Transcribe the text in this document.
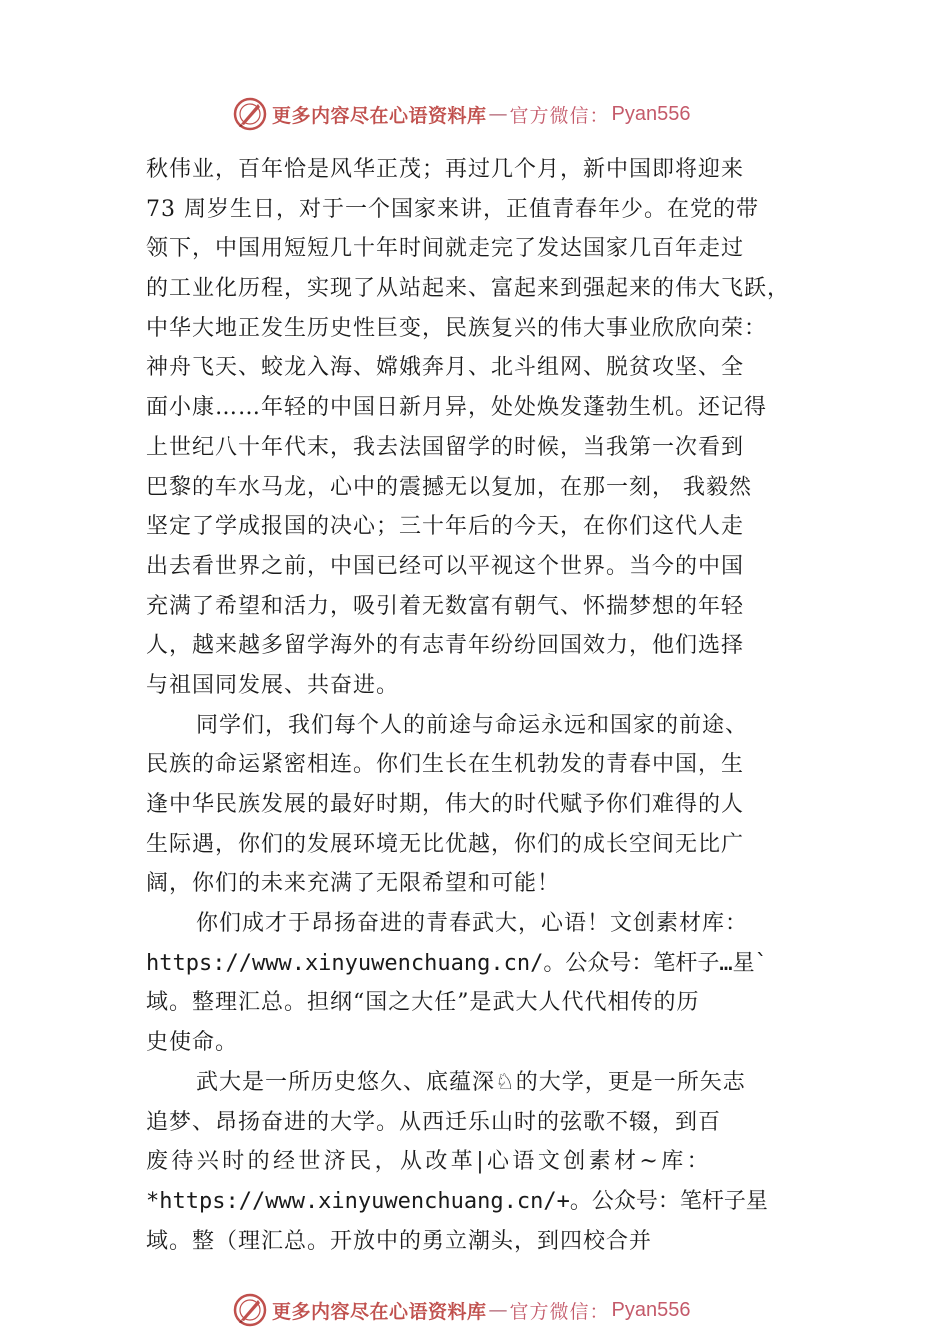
更多内容尽在心语资料库 — 官方微信： Pyan556
秋伟业，百年恰是风华正茂；再过几个月，新中国即将迎来
73 周岁生日，对于一个国家来讲，正值青春年少。在党的带
领下，中国用短短几十年时间就走完了发达国家几百年走过
的工业化历程，实现了从站起来、富起来到强起来的伟大飞跃，
中华大地正发生历史性巨变，民族复兴的伟大事业欣欣向荣：
神舟飞天、蛟龙入海、嫦娥奔月、北斗组网、脱贫攻坚、全
面小康……年轻的中国日新月异，处处焕发蓬勃生机。还记得
上世纪八十年代末，我去法国留学的时候，当我第一次看到
巴黎的车水马龙，心中的震撼无以复加，在那一刻， 我毅然
坚定了学成报国的决心；三十年后的今天，在你们这代人走
出去看世界之前，中国已经可以平视这个世界。当今的中国
充满了希望和活力，吸引着无数富有朝气、怀揣梦想的年轻
人，越来越多留学海外的有志青年纷纷回国效力，他们选择
与祖国同发展、共奋进。
同学们，我们每个人的前途与命运永远和国家的前途、
民族的命运紧密相连。你们生长在生机勃发的青春中国，生
逢中华民族发展的最好时期，伟大的时代赋予你们难得的人
生际遇，你们的发展环境无比优越，你们的成长空间无比广
阔，你们的未来充满了无限希望和可能！
你们成才于昂扬奋进的青春武大，心语！文创素材库：
https://www.xinyuwenchuang.cn/。公众号：笔杆子…星`
域。整理汇总。担纲“国之大任”是武大人代代相传的历
史使命。
武大是一所历史悠久、底蕴深♘的大学，更是一所矢志
追梦、昂扬奋进的大学。从西迁乐山时的弦歌不辍，到百
废待兴时的经世济民，从改革|心语文创素材~库：
*https://www.xinyuwenchuang.cn/+。公众号：笔杆子星
域。整（理汇总。开放中的勇立潮头，到四校合并
更多内容尽在心语资料库 — 官方微信： Pyan556
